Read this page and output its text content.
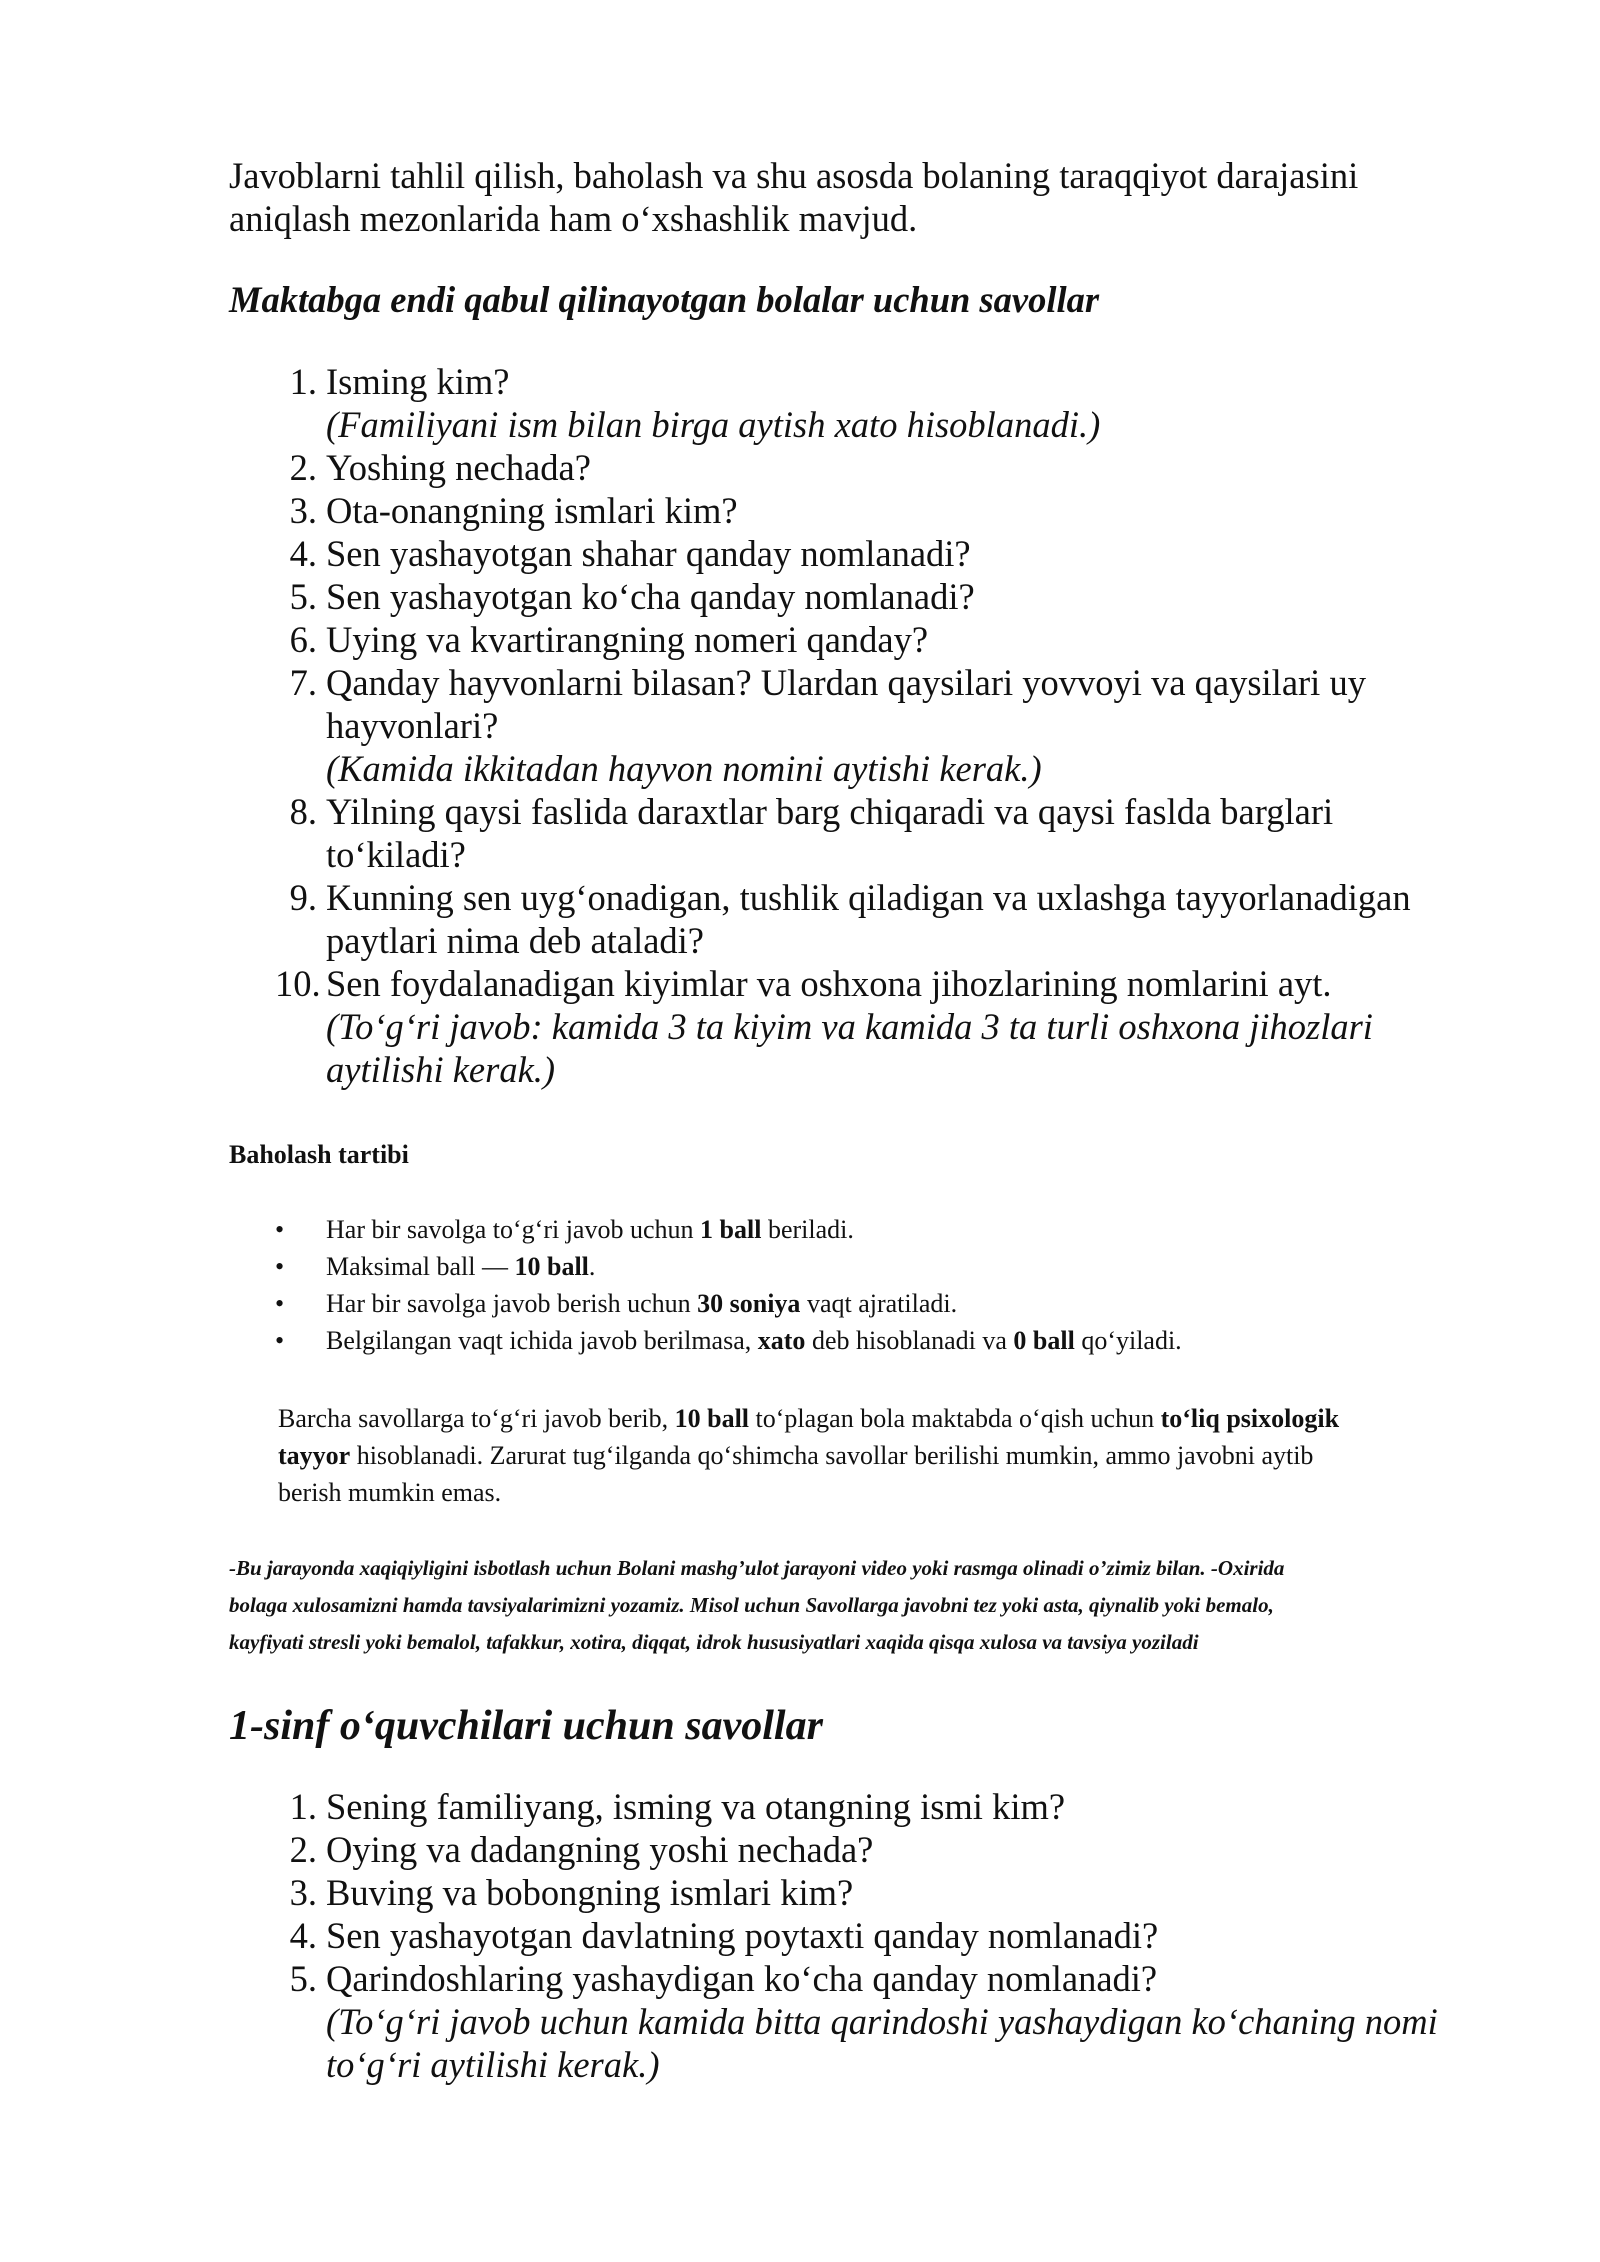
Javoblarni tahlil qilish, baholash va shu asosda bolaning taraqqiyot darajasini
aniqlash mezonlarida ham o‘xshashlik mavjud.
Maktabga endi qabul qilinayotgan bolalar uchun savollar
1. Isming kim?
(Familiyani ism bilan birga aytish xato hisoblanadi.)
2. Yoshing nechada?
3. Ota-onangning ismlari kim?
4. Sen yashayotgan shahar qanday nomlanadi?
5. Sen yashayotgan ko‘cha qanday nomlanadi?
6. Uying va kvartirangning nomeri qanday?
7. Qanday hayvonlarni bilasan? Ulardan qaysilari yovvoyi va qaysilari uy
hayvonlari?
(Kamida ikkitadan hayvon nomini aytishi kerak.)
8. Yilning qaysi faslida daraxtlar barg chiqaradi va qaysi faslda barglari
to‘kiladi?
9. Kunning sen uyg‘onadigan, tushlik qiladigan va uxlashga tayyorlanadigan
paytlari nima deb ataladi?
10. Sen foydalanadigan kiyimlar va oshxona jihozlarining nomlarini ayt.
(To‘g‘ri javob: kamida 3 ta kiyim va kamida 3 ta turli oshxona jihozlari
aytilishi kerak.)
Baholash tartibi
• Har bir savolga to‘g‘ri javob uchun 1 ball beriladi.
• Maksimal ball — 10 ball.
• Har bir savolga javob berish uchun 30 soniya vaqt ajratiladi.
• Belgilangan vaqt ichida javob berilmasa, xato deb hisoblanadi va 0 ball qo‘yiladi.
Barcha savollarga to‘g‘ri javob berib, 10 ball to‘plagan bola maktabda o‘qish uchun to‘liq psixologik
tayyor hisoblanadi. Zarurat tug‘ilganda qo‘shimcha savollar berilishi mumkin, ammo javobni aytib
berish mumkin emas.
-Bu jarayonda xaqiqiyligini isbotlash uchun Bolani mashg’ulot jarayoni video yoki rasmga olinadi o’zimiz bilan. -Oxirida
bolaga xulosamizni hamda tavsiyalarimizni yozamiz. Misol uchun Savollarga javobni tez yoki asta, qiynalib yoki bemalo,
kayfiyati stresli yoki bemalol, tafakkur, xotira, diqqat, idrok hususiyatlari xaqida qisqa xulosa va tavsiya yoziladi
1-sinf o‘quvchilari uchun savollar
1. Sening familiyang, isming va otangning ismi kim?
2. Oying va dadangning yoshi nechada?
3. Buving va bobongning ismlari kim?
4. Sen yashayotgan davlatning poytaxti qanday nomlanadi?
5. Qarindoshlaring yashaydigan ko‘cha qanday nomlanadi?
(To‘g‘ri javob uchun kamida bitta qarindoshi yashaydigan ko‘chaning nomi
to‘g‘ri aytilishi kerak.)
